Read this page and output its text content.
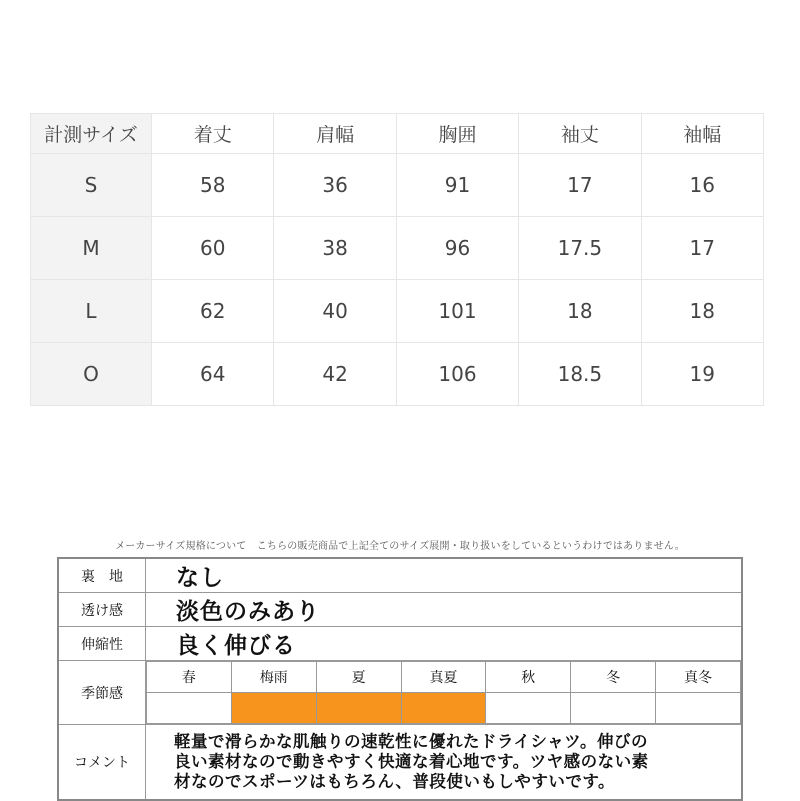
計測サイズ	着丈	肩幅	胸囲	袖丈	袖幅
S	58	36	91	17	16
M	60	38	96	17.5	17
L	62	40	101	18	18
O	64	42	106	18.5	19
メーカーサイズ規格について　こちらの販売商品で上記全てのサイズ展開・取り扱いをしているというわけではありません。
裏　地	なし
透け感	淡色のみあり
伸縮性	良く伸びる
季節感	
春	梅雨	夏	真夏	秋	冬	真冬

コメント	
軽量で滑らかな肌触りの速乾性に優れたドライシャツ。伸びの
良い素材なので動きやすく快適な着心地です。ツヤ感のない素
材なのでスポーツはもちろん、普段使いもしやすいです。
